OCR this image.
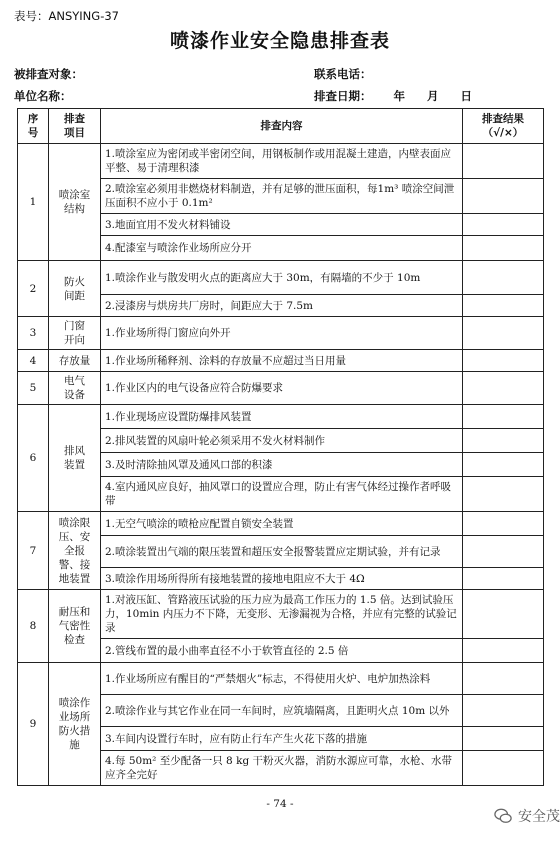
表号：ANSYING-37
喷漆作业安全隐患排查表
被排查对象：	联系电话：
单位名称：	排查日期： 年 月 日
序
号	排查
项目	排查内容	排查结果
（√/×）
1	喷涂室
结构	1.喷涂室应为密闭或半密闭空间，用钢板制作或用混凝土建造，内壁表面应平整、易于清理积漆	
		2.喷涂室必须用非燃烧材料制造，并有足够的泄压面积，每1m³ 喷涂空间泄压面积不应小于 0.1m²	
		3.地面宜用不发火材料铺设	
		4.配漆室与喷涂作业场所应分开	
2	防火
间距	1.喷涂作业与散发明火点的距离应大于 30m，有隔墙的不少于 10m	
		2.浸漆房与烘房共厂房时，间距应大于 7.5m	
3	门窗
开向	1.作业场所得门窗应向外开	
4	存放量	1.作业场所稀释剂、涂料的存放量不应超过当日用量	
5	电气
设备	1.作业区内的电气设备应符合防爆要求	
6	排风
装置	1.作业现场应设置防爆排风装置	
		2.排风装置的风扇叶轮必须采用不发火材料制作	
		3.及时清除抽风罩及通风口部的积漆	
		4.室内通风应良好，抽风罩口的设置应合理，防止有害气体经过操作者呼吸带	
7	喷涂限
压、安
全报
警、接
地装置	1.无空气喷涂的喷枪应配置自锁安全装置	
		2.喷涂装置出气端的限压装置和超压安全报警装置应定期试验，并有记录	
		3.喷涂作用场所得所有接地装置的接地电阻应不大于 4Ω	
8	耐压和
气密性
检查	1.对液压缸、管路液压试验的压力应为最高工作压力的 1.5 倍。达到试验压力，10min 内压力不下降，无变形、无渗漏视为合格，并应有完整的试验记录	
		2.管线布置的最小曲率直径不小于软管直径的 2.5 倍	
9	喷涂作
业场所
防火措
施	1.作业场所应有醒目的“严禁烟火”标志，不得使用火炉、电炉加热涂料	
		2.喷涂作业与其它作业在同一车间时，应筑墙隔离，且距明火点 10m 以外	
		3.车间内设置行车时，应有防止行车产生火花下落的措施	
		4.每 50m² 至少配备一只 8 kg 干粉灭火器，消防水源应可靠，水枪、水带应齐全完好	
- 74 -
安全茂
